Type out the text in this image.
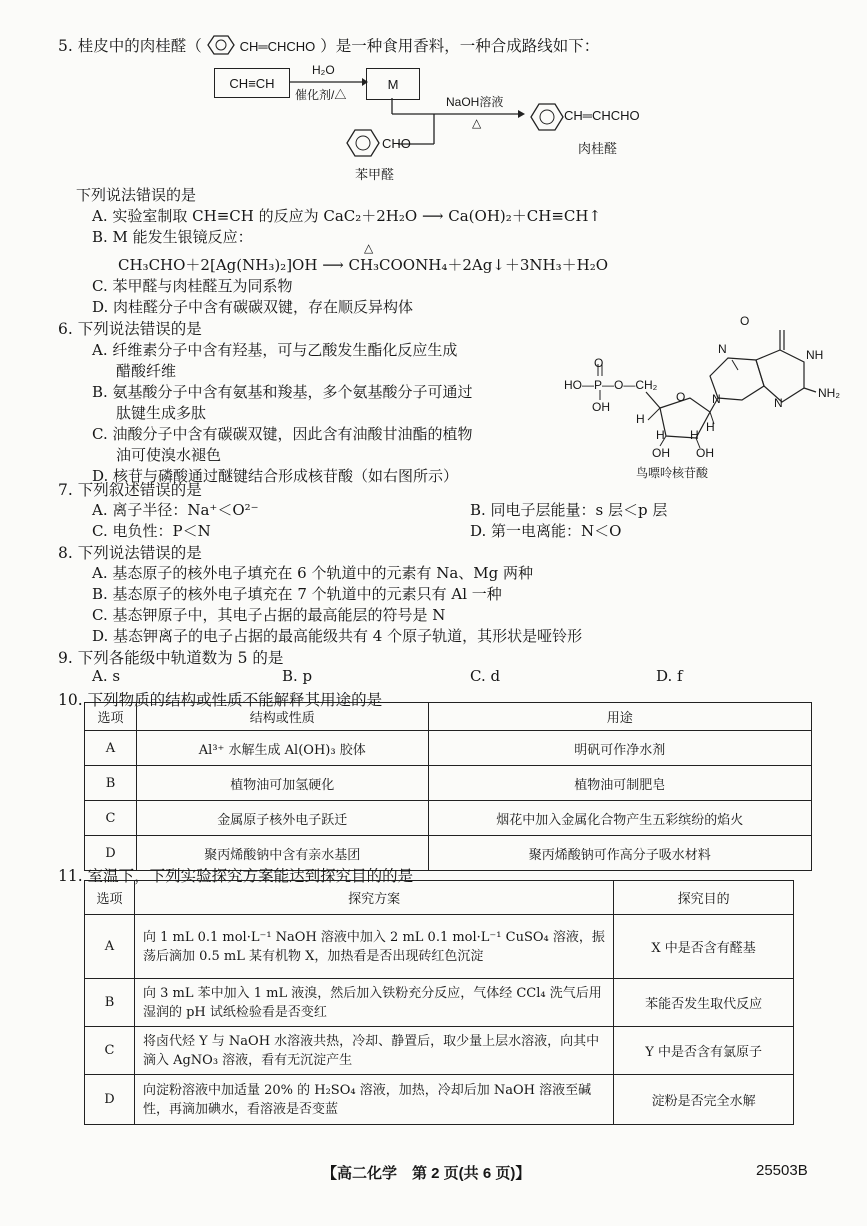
5. 桂皮中的肉桂醛（	CH═CHCHO ）是一种食用香料，一种合成路线如下：
CH≡CH
H₂O
催化剂/△
M
NaOH溶液
△	CH═CHCHO
肉桂醛
CHO
苯甲醛
下列说法错误的是
A. 实验室制取 CH≡CH 的反应为 CaC₂＋2H₂O ⟶ Ca(OH)₂＋CH≡CH↑
B. M 能发生银镜反应：
△
CH₃CHO＋2[Ag(NH₃)₂]OH ⟶ CH₃COONH₄＋2Ag↓＋3NH₃＋H₂O
C. 苯甲醛与肉桂醛互为同系物
D. 肉桂醛分子中含有碳碳双键，存在顺反异构体
6. 下列说法错误的是
A. 纤维素分子中含有羟基，可与乙酸发生酯化反应生成
醋酸纤维
B. 氨基酸分子中含有氨基和羧基，多个氨基酸分子可通过
肽键生成多肽
C. 油酸分子中含有碳碳双键，因此含有油酸甘油酯的植物
油可使溴水褪色
D. 核苷与磷酸通过醚键结合形成核苷酸（如右图所示）
O
NH
N
N
N	NH₂
O
HO—P—O—CH₂
OH
O
H
H
H H
OH OH
鸟嘌呤核苷酸
7. 下列叙述错误的是
A. 离子半径：Na⁺＜O²⁻	B. 同电子层能量：s 层＜p 层
C. 电负性：P＜N	D. 第一电离能：N＜O
8. 下列说法错误的是
A. 基态原子的核外电子填充在 6 个轨道中的元素有 Na、Mg 两种
B. 基态原子的核外电子填充在 7 个轨道中的元素只有 Al 一种
C. 基态钾原子中，其电子占据的最高能层的符号是 N
D. 基态钾离子的电子占据的最高能级共有 4 个原子轨道，其形状是哑铃形
9. 下列各能级中轨道数为 5 的是
A. s	B. p	C. d	D. f
10. 下列物质的结构或性质不能解释其用途的是
选项	结构或性质	用途
A	Al³⁺ 水解生成 Al(OH)₃ 胶体	明矾可作净水剂
B	植物油可加氢硬化	植物油可制肥皂
C	金属原子核外电子跃迁	烟花中加入金属化合物产生五彩缤纷的焰火
D	聚丙烯酸钠中含有亲水基团	聚丙烯酸钠可作高分子吸水材料
11. 室温下，下列实验探究方案能达到探究目的的是
选项	探究方案	探究目的
A	向 1 mL 0.1 mol·L⁻¹ NaOH 溶液中加入 2 mL 0.1 mol·L⁻¹ CuSO₄ 溶液，振荡后滴加 0.5 mL 某有机物 X，加热看是否出现砖红色沉淀	X 中是否含有醛基
B	向 3 mL 苯中加入 1 mL 液溴，然后加入铁粉充分反应，气体经 CCl₄ 洗气后用湿润的 pH 试纸检验看是否变红	苯能否发生取代反应
C	将卤代烃 Y 与 NaOH 水溶液共热，冷却、静置后，取少量上层水溶液，向其中滴入 AgNO₃ 溶液，看有无沉淀产生	Y 中是否含有氯原子
D	向淀粉溶液中加适量 20% 的 H₂SO₄ 溶液，加热，冷却后加 NaOH 溶液至碱性，再滴加碘水，看溶液是否变蓝	淀粉是否完全水解
【高二化学　第 2 页(共 6 页)】	25503B
